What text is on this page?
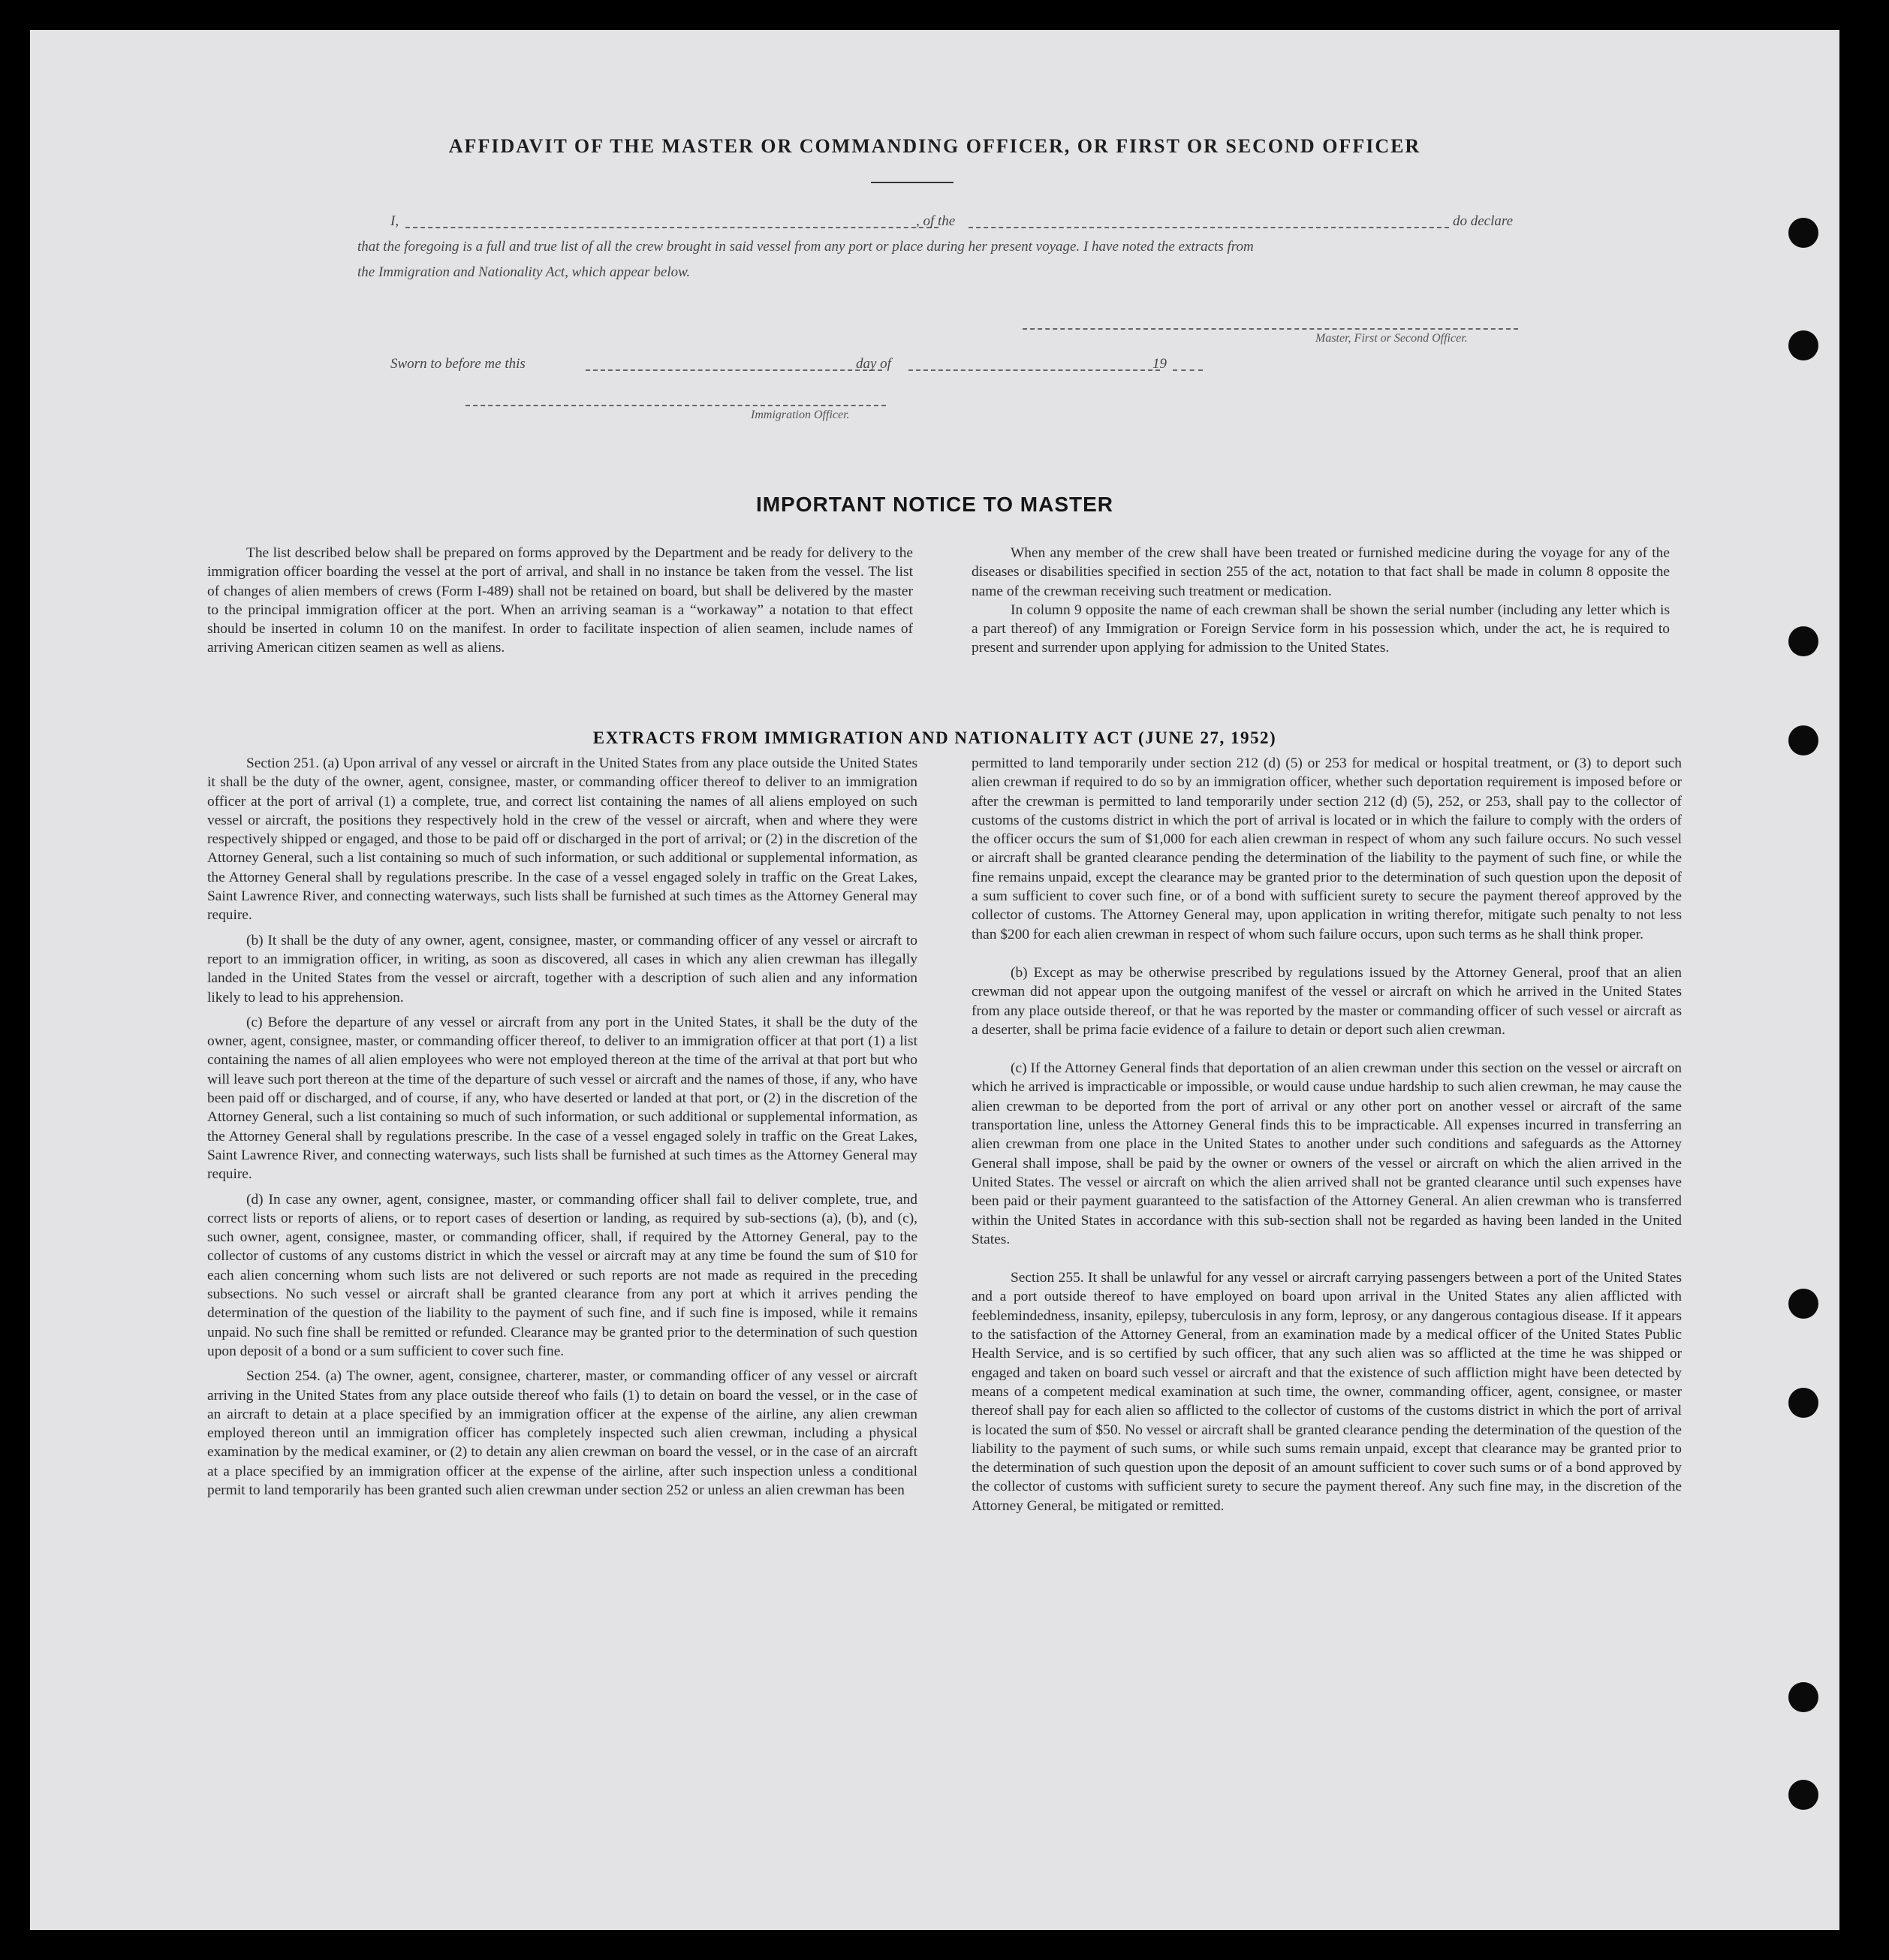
AFFIDAVIT OF THE MASTER OR COMMANDING OFFICER, OR FIRST OR SECOND OFFICER
I,	, of the	do declare
that the foregoing is a full and true list of all the crew brought in said vessel from any port or place during her present voyage. I have noted the extracts from
the Immigration and Nationality Act, which appear below.
Master, First or Second Officer.
Sworn to before me this	day of	19
Immigration Officer.
IMPORTANT NOTICE TO MASTER

The list described below shall be prepared on forms approved by the Department and be ready for delivery to the immigration officer boarding the vessel at the port of arrival, and shall in no instance be taken from the vessel. The list of changes of alien members of crews (Form I-489) shall not be retained on board, but shall be delivered by the master to the principal immigration officer at the port. When an arriving seaman is a “workaway” a notation to that effect should be inserted in column 10 on the manifest. In order to facilitate inspection of alien seamen, include names of arriving American citizen seamen as well as aliens.

When any member of the crew shall have been treated or furnished medicine during the voyage for any of the diseases or disabilities specified in section 255 of the act, notation to that fact shall be made in column 8 opposite the name of the crewman receiving such treatment or medication.

In column 9 opposite the name of each crewman shall be shown the serial number (including any letter which is a part thereof) of any Immigration or Foreign Service form in his possession which, under the act, he is required to present and surrender upon applying for admission to the United States.

EXTRACTS FROM IMMIGRATION AND NATIONALITY ACT (JUNE 27, 1952)

Section 251. (a) Upon arrival of any vessel or aircraft in the United States from any place outside the United States it shall be the duty of the owner, agent, consignee, master, or commanding officer thereof to deliver to an immigration officer at the port of arrival (1) a complete, true, and correct list containing the names of all aliens employed on such vessel or aircraft, the positions they respectively hold in the crew of the vessel or aircraft, when and where they were respectively shipped or engaged, and those to be paid off or discharged in the port of arrival; or (2) in the discretion of the Attorney General, such a list containing so much of such information, or such additional or supplemental information, as the Attorney General shall by regulations prescribe. In the case of a vessel engaged solely in traffic on the Great Lakes, Saint Lawrence River, and connecting waterways, such lists shall be furnished at such times as the Attorney General may require.

(b) It shall be the duty of any owner, agent, consignee, master, or commanding officer of any vessel or aircraft to report to an immigration officer, in writing, as soon as discovered, all cases in which any alien crewman has illegally landed in the United States from the vessel or aircraft, together with a description of such alien and any information likely to lead to his apprehension.

(c) Before the departure of any vessel or aircraft from any port in the United States, it shall be the duty of the owner, agent, consignee, master, or commanding officer thereof, to deliver to an immigration officer at that port (1) a list containing the names of all alien employees who were not employed thereon at the time of the arrival at that port but who will leave such port thereon at the time of the departure of such vessel or aircraft and the names of those, if any, who have been paid off or discharged, and of course, if any, who have deserted or landed at that port, or (2) in the discretion of the Attorney General, such a list containing so much of such information, or such additional or supplemental information, as the Attorney General shall by regulations prescribe. In the case of a vessel engaged solely in traffic on the Great Lakes, Saint Lawrence River, and connecting waterways, such lists shall be furnished at such times as the Attorney General may require.

(d) In case any owner, agent, consignee, master, or commanding officer shall fail to deliver complete, true, and correct lists or reports of aliens, or to report cases of desertion or landing, as required by sub-sections (a), (b), and (c), such owner, agent, consignee, master, or commanding officer, shall, if required by the Attorney General, pay to the collector of customs of any customs district in which the vessel or aircraft may at any time be found the sum of $10 for each alien concerning whom such lists are not delivered or such reports are not made as required in the preceding subsections. No such vessel or aircraft shall be granted clearance from any port at which it arrives pending the determination of the question of the liability to the payment of such fine, and if such fine is imposed, while it remains unpaid. No such fine shall be remitted or refunded. Clearance may be granted prior to the determination of such question upon deposit of a bond or a sum sufficient to cover such fine.

Section 254. (a) The owner, agent, consignee, charterer, master, or commanding officer of any vessel or aircraft arriving in the United States from any place outside thereof who fails (1) to detain on board the vessel, or in the case of an aircraft to detain at a place specified by an immigration officer at the expense of the airline, any alien crewman employed thereon until an immigration officer has completely inspected such alien crewman, including a physical examination by the medical examiner, or (2) to detain any alien crewman on board the vessel, or in the case of an aircraft at a place specified by an immigration officer at the expense of the airline, after such inspection unless a conditional permit to land temporarily has been granted such alien crewman under section 252 or unless an alien crewman has been

permitted to land temporarily under section 212 (d) (5) or 253 for medical or hospital treatment, or (3) to deport such alien crewman if required to do so by an immigration officer, whether such deportation requirement is imposed before or after the crewman is permitted to land temporarily under section 212 (d) (5), 252, or 253, shall pay to the collector of customs of the customs district in which the port of arrival is located or in which the failure to comply with the orders of the officer occurs the sum of $1,000 for each alien crewman in respect of whom any such failure occurs. No such vessel or aircraft shall be granted clearance pending the determination of the liability to the payment of such fine, or while the fine remains unpaid, except the clearance may be granted prior to the determination of such question upon the deposit of a sum sufficient to cover such fine, or of a bond with sufficient surety to secure the payment thereof approved by the collector of customs. The Attorney General may, upon application in writing therefor, mitigate such penalty to not less than $200 for each alien crewman in respect of whom such failure occurs, upon such terms as he shall think proper.

(b) Except as may be otherwise prescribed by regulations issued by the Attorney General, proof that an alien crewman did not appear upon the outgoing manifest of the vessel or aircraft on which he arrived in the United States from any place outside thereof, or that he was reported by the master or commanding officer of such vessel or aircraft as a deserter, shall be prima facie evidence of a failure to detain or deport such alien crewman.

(c) If the Attorney General finds that deportation of an alien crewman under this section on the vessel or aircraft on which he arrived is impracticable or impossible, or would cause undue hardship to such alien crewman, he may cause the alien crewman to be deported from the port of arrival or any other port on another vessel or aircraft of the same transportation line, unless the Attorney General finds this to be impracticable. All expenses incurred in transferring an alien crewman from one place in the United States to another under such conditions and safeguards as the Attorney General shall impose, shall be paid by the owner or owners of the vessel or aircraft on which the alien arrived in the United States. The vessel or aircraft on which the alien arrived shall not be granted clearance until such expenses have been paid or their payment guaranteed to the satisfaction of the Attorney General. An alien crewman who is transferred within the United States in accordance with this sub-section shall not be regarded as having been landed in the United States.

Section 255. It shall be unlawful for any vessel or aircraft carrying passengers between a port of the United States and a port outside thereof to have employed on board upon arrival in the United States any alien afflicted with feeblemindedness, insanity, epilepsy, tuberculosis in any form, leprosy, or any dangerous contagious disease. If it appears to the satisfaction of the Attorney General, from an examination made by a medical officer of the United States Public Health Service, and is so certified by such officer, that any such alien was so afflicted at the time he was shipped or engaged and taken on board such vessel or aircraft and that the existence of such affliction might have been detected by means of a competent medical examination at such time, the owner, commanding officer, agent, consignee, or master thereof shall pay for each alien so afflicted to the collector of customs of the customs district in which the port of arrival is located the sum of $50. No vessel or aircraft shall be granted clearance pending the determination of the question of the liability to the payment of such sums, or while such sums remain unpaid, except that clearance may be granted prior to the determination of such question upon the deposit of an amount sufficient to cover such sums or of a bond approved by the collector of customs with sufficient surety to secure the payment thereof. Any such fine may, in the discretion of the Attorney General, be mitigated or remitted.
